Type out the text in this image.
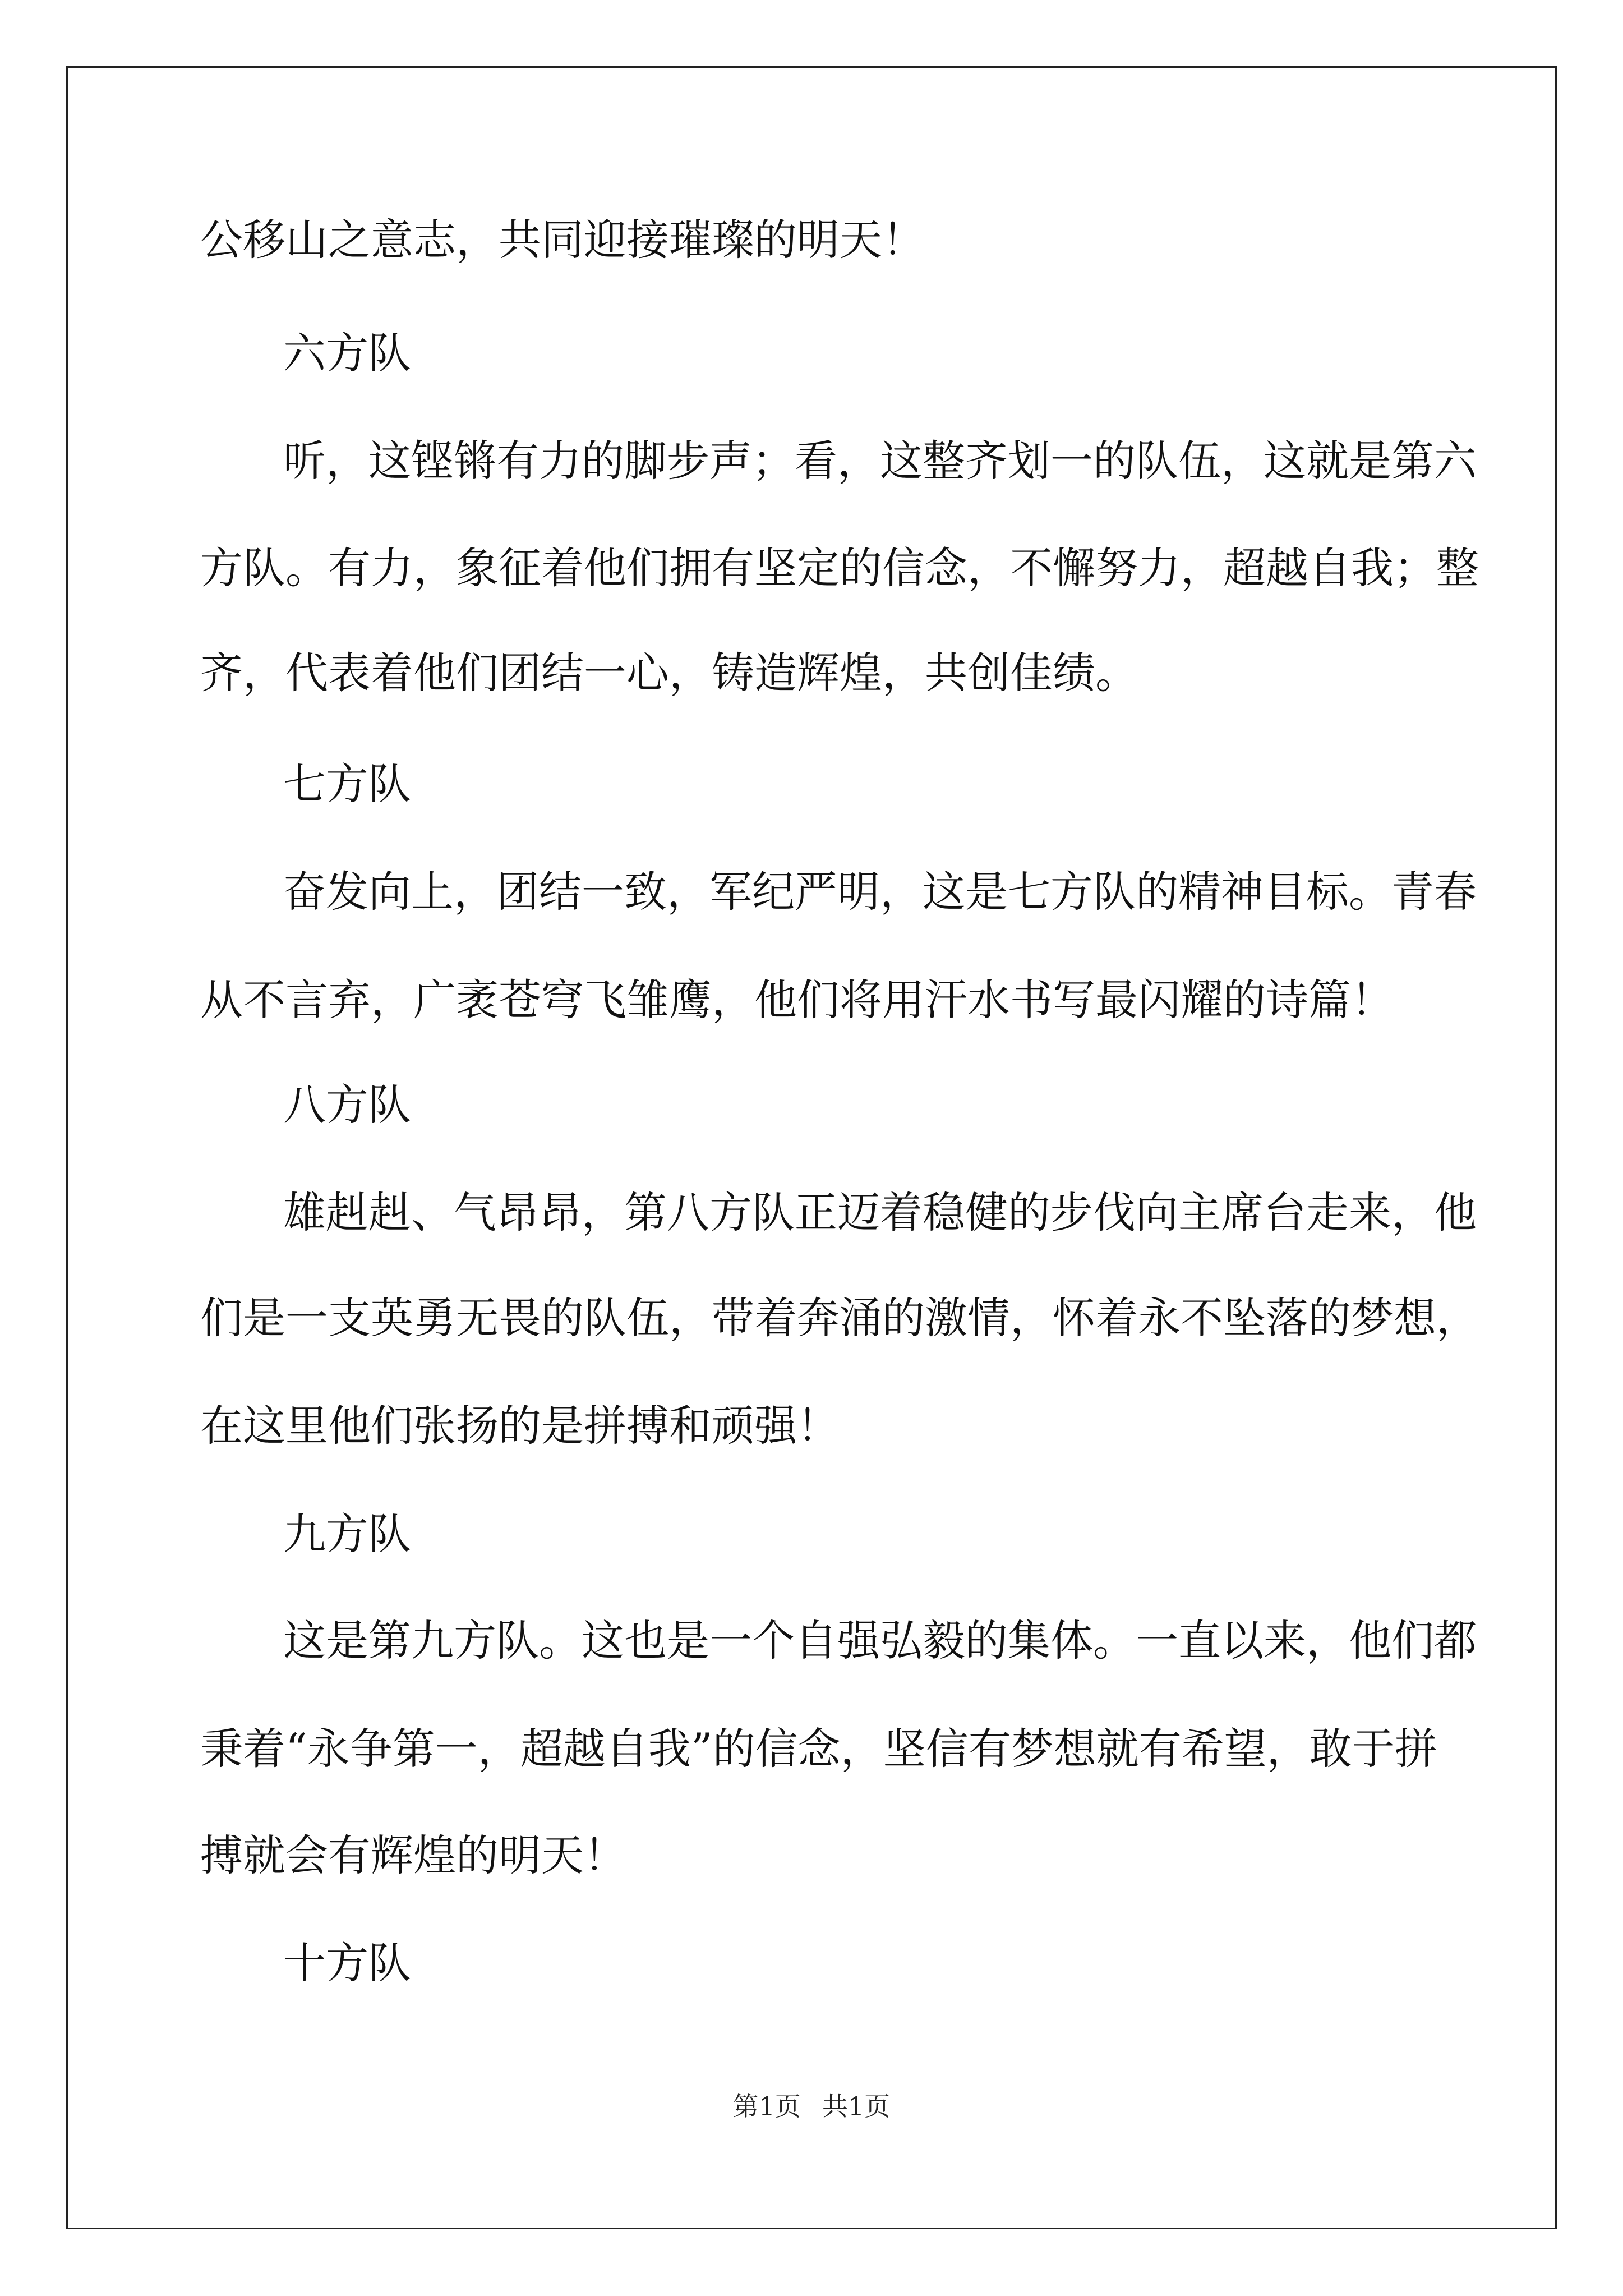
公移山之意志，共同迎接璀璨的明天！
六方队
听，这铿锵有力的脚步声；看，这整齐划一的队伍，这就是第六
方队。有力，象征着他们拥有坚定的信念，不懈努力，超越自我；整
齐，代表着他们团结一心，铸造辉煌，共创佳绩。
七方队
奋发向上，团结一致，军纪严明，这是七方队的精神目标。青春
从不言弃，广袤苍穹飞雏鹰，他们将用汗水书写最闪耀的诗篇！
八方队
雄赳赳、气昂昂，第八方队正迈着稳健的步伐向主席台走来，他
们是一支英勇无畏的队伍，带着奔涌的激情，怀着永不坠落的梦想，
在这里他们张扬的是拼搏和顽强！
九方队
这是第九方队。这也是一个自强弘毅的集体。一直以来，他们都
秉着“永争第一，超越自我”的信念，坚信有梦想就有希望，敢于拼
搏就会有辉煌的明天！
十方队
第1页 共1页
